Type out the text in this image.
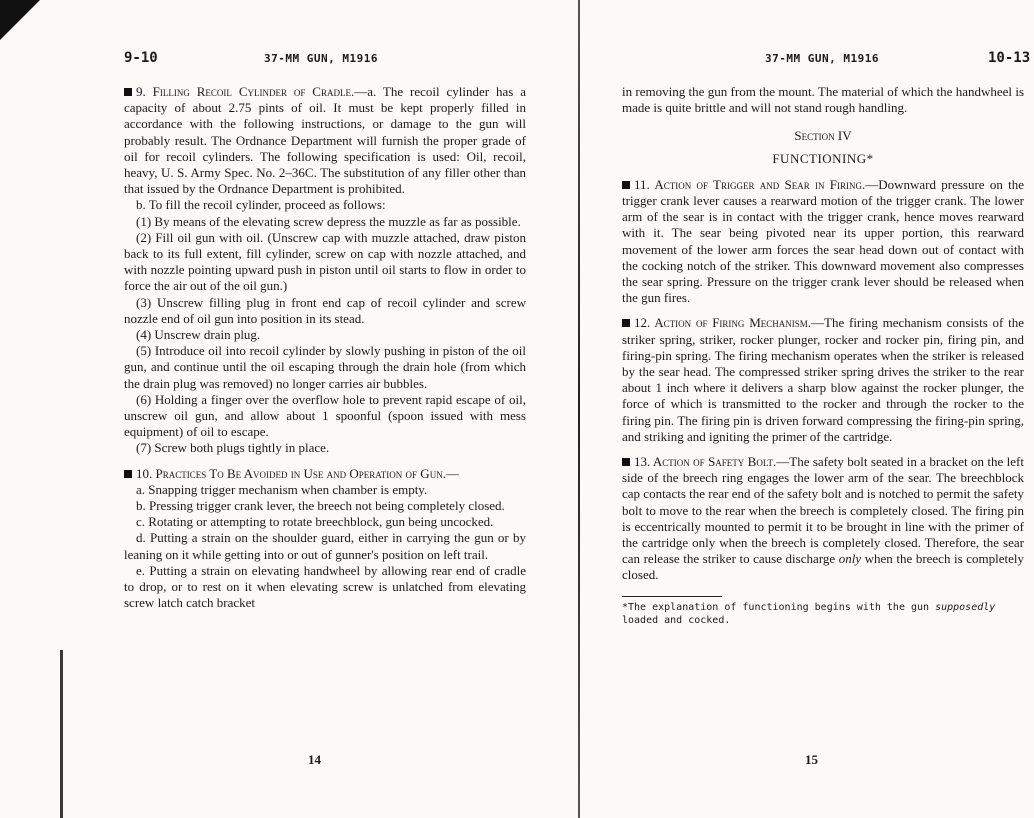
9-10	37-MM GUN, M1916

9. Filling Recoil Cylinder of Cradle.—a. The recoil cylinder has a capacity of about 2.75 pints of oil. It must be kept properly filled in accordance with the following instructions, or damage to the gun will probably result. The Ordnance Department will furnish the proper grade of oil for recoil cylinders. The following specification is used: Oil, recoil, heavy, U. S. Army Spec. No. 2–36C. The substitution of any filler other than that issued by the Ordnance Department is prohibited.

b. To fill the recoil cylinder, proceed as follows:

(1) By means of the elevating screw depress the muzzle as far as possible.

(2) Fill oil gun with oil. (Unscrew cap with muzzle attached, draw piston back to its full extent, fill cylinder, screw on cap with nozzle attached, and with nozzle pointing upward push in piston until oil starts to flow in order to force the air out of the oil gun.)

(3) Unscrew filling plug in front end cap of recoil cylinder and screw nozzle end of oil gun into position in its stead.

(4) Unscrew drain plug.

(5) Introduce oil into recoil cylinder by slowly pushing in piston of the oil gun, and continue until the oil escaping through the drain hole (from which the drain plug was removed) no longer carries air bubbles.

(6) Holding a finger over the overflow hole to prevent rapid escape of oil, unscrew oil gun, and allow about 1 spoonful (spoon issued with mess equipment) of oil to escape.

(7) Screw both plugs tightly in place.

10. Practices To Be Avoided in Use and Operation of Gun.—

a. Snapping trigger mechanism when chamber is empty.

b. Pressing trigger crank lever, the breech not being completely closed.

c. Rotating or attempting to rotate breechblock, gun being uncocked.

d. Putting a strain on the shoulder guard, either in carrying the gun or by leaning on it while getting into or out of gunner's position on left trail.

e. Putting a strain on elevating handwheel by allowing rear end of cradle to drop, or to rest on it when elevating screw is unlatched from elevating screw latch catch bracket

14
37-MM GUN, M1916	10-13

in removing the gun from the mount. The material of which the handwheel is made is quite brittle and will not stand rough handling.

Section IV
FUNCTIONING*

11. Action of Trigger and Sear in Firing.—Downward pressure on the trigger crank lever causes a rearward motion of the trigger crank. The lower arm of the sear is in contact with the trigger crank, hence moves rearward with it. The sear being pivoted near its upper portion, this rearward movement of the lower arm forces the sear head down out of contact with the cocking notch of the striker. This downward movement also compresses the sear spring. Pressure on the trigger crank lever should be released when the gun fires.

12. Action of Firing Mechanism.—The firing mechanism consists of the striker spring, striker, rocker plunger, rocker and rocker pin, firing pin, and firing-pin spring. The firing mechanism operates when the striker is released by the sear head. The compressed striker spring drives the striker to the rear about 1 inch where it delivers a sharp blow against the rocker plunger, the force of which is transmitted to the rocker and through the rocker to the firing pin. The firing pin is driven forward compressing the firing-pin spring, and striking and igniting the primer of the cartridge.

13. Action of Safety Bolt.—The safety bolt seated in a bracket on the left side of the breech ring engages the lower arm of the sear. The breechblock cap contacts the rear end of the safety bolt and is notched to permit the safety bolt to move to the rear when the breech is completely closed. The firing pin is eccentrically mounted to permit it to be brought in line with the primer of the cartridge only when the breech is completely closed. Therefore, the sear can release the striker to cause discharge only when the breech is completely closed.

*The explanation of functioning begins with the gun supposedly loaded and cocked.

15
